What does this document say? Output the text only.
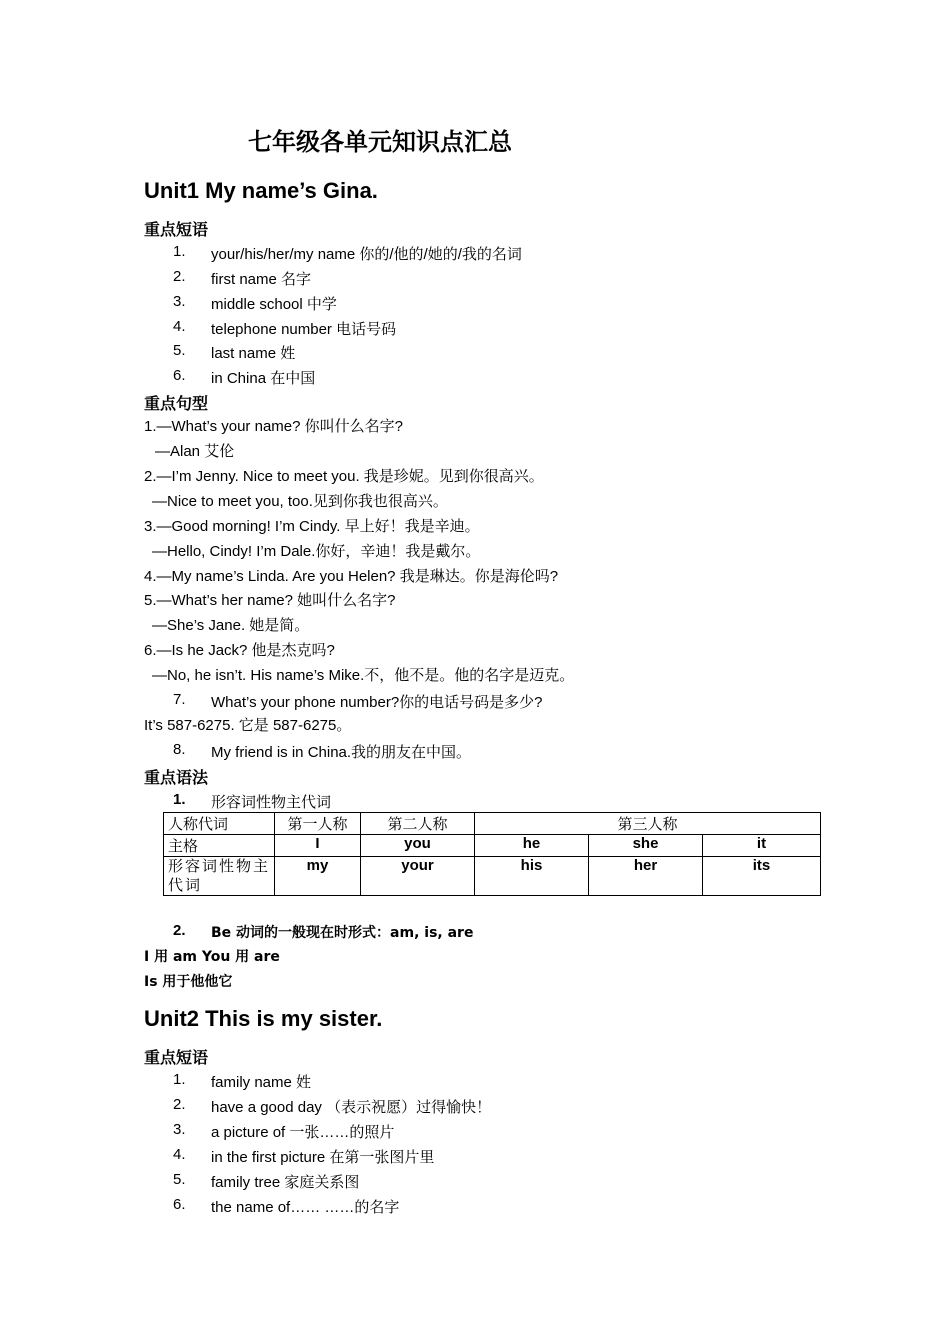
七年级各单元知识点汇总
Unit1 My name’s Gina.
重点短语
1.	your/his/her/my name 你的/他的/她的/我的名词
2.	first name 名字
3.	middle school 中学
4.	telephone number 电话号码
5.	last name 姓
6.	in China 在中国
重点句型
1.—What’s your name? 你叫什么名字?
—Alan 艾伦
2.—I’m Jenny. Nice to meet you. 我是珍妮。见到你很高兴。
—Nice to meet you, too.见到你我也很高兴。
3.—Good morning! I’m Cindy. 早上好！我是辛迪。
—Hello, Cindy! I’m Dale.你好，辛迪！我是戴尔。
4.—My name’s Linda. Are you Helen? 我是琳达。你是海伦吗?
5.—What’s her name? 她叫什么名字?
—She’s Jane. 她是简。
6.—Is he Jack? 他是杰克吗?
—No, he isn’t. His name’s Mike.不，他不是。他的名字是迈克。
7.	What’s your phone number?你的电话号码是多少?
It’s 587-6275. 它是 587-6275。
8.	My friend is in China.我的朋友在中国。
重点语法
1.	形容词性物主代词
人称代词	第一人称	第二人称	第三人称		
主格	I	you	he	she	it
形容词性物主代词	my	your	his	her	its
2.	Be 动词的一般现在时形式：am, is, are
I 用 am You 用 are
Is 用于他他它
Unit2 This is my sister.
重点短语
1.	family name 姓
2.	have a good day （表示祝愿）过得愉快！
3.	a picture of 一张……的照片
4.	in the first picture 在第一张图片里
5.	family tree 家庭关系图
6.	the name of…… ……的名字
